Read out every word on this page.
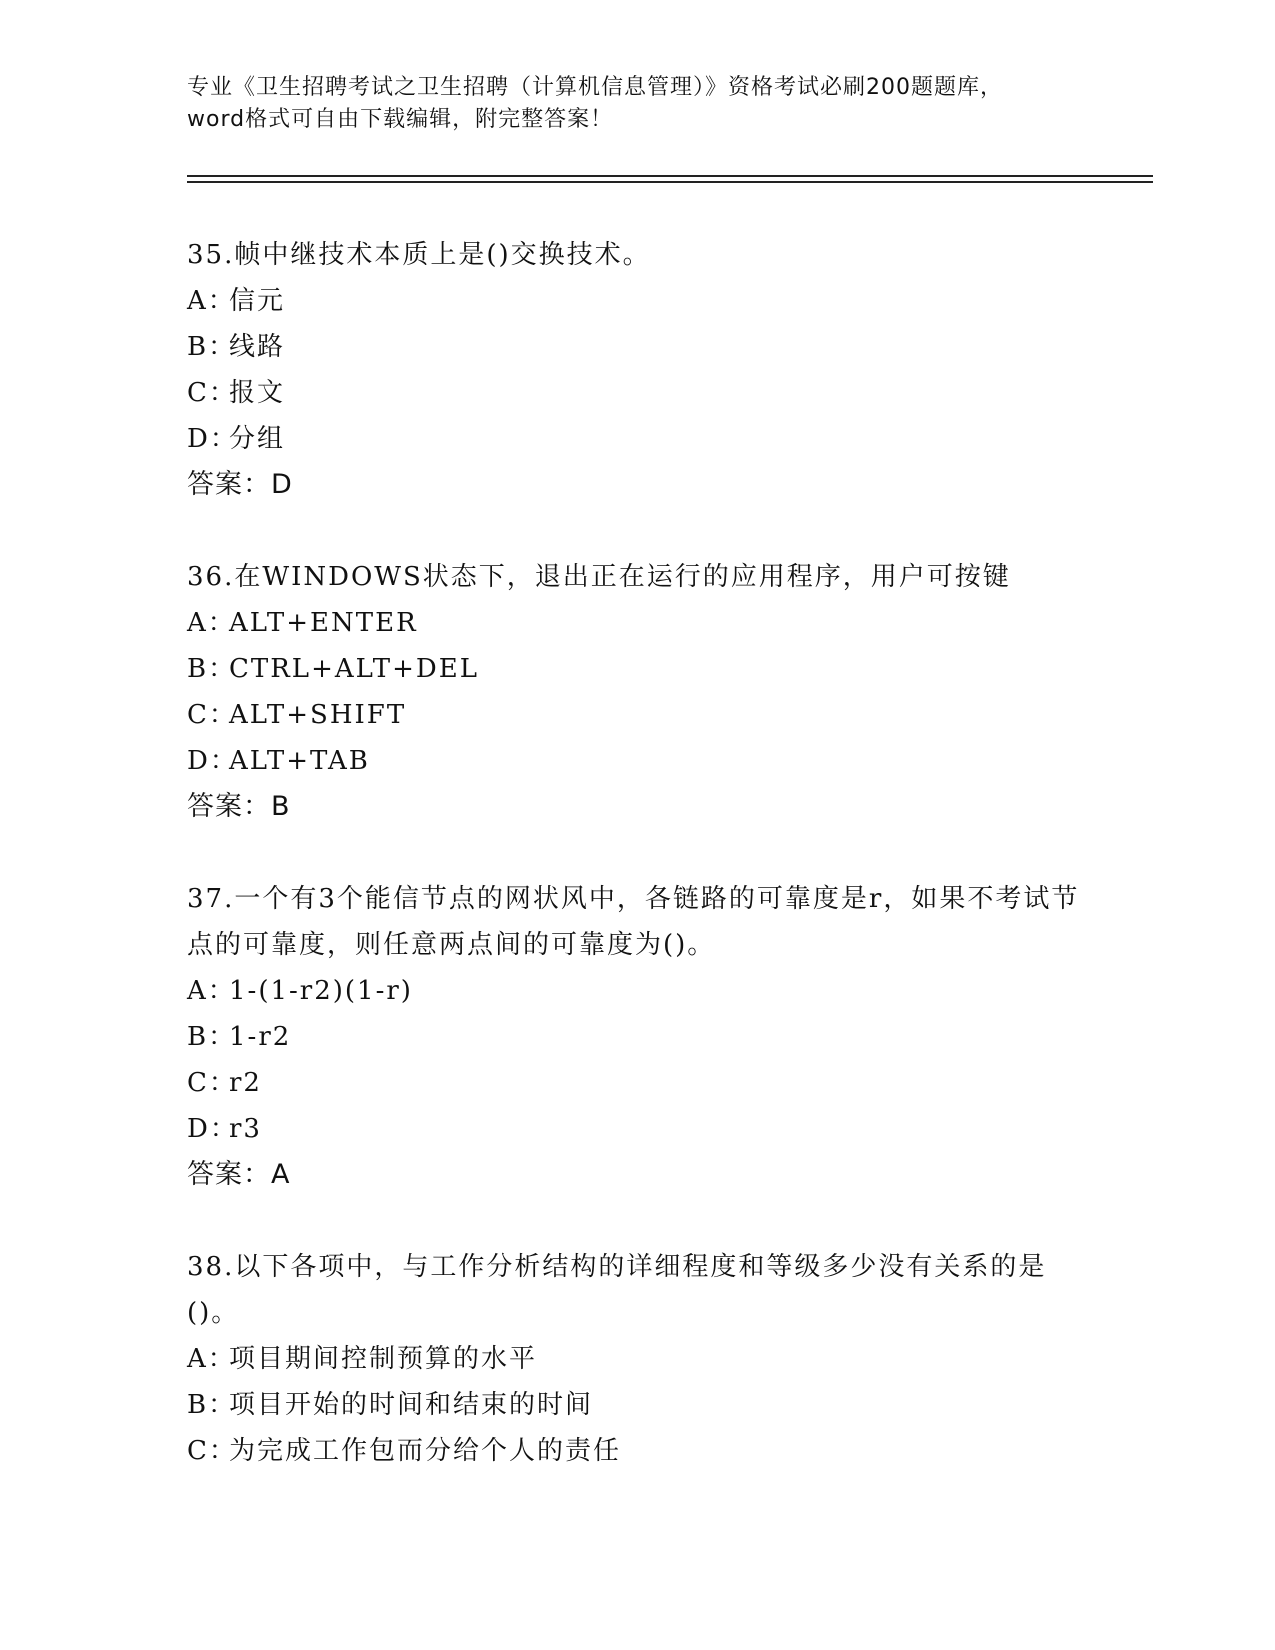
专业《卫生招聘考试之卫生招聘（计算机信息管理）》资格考试必刷200题题库，
word格式可自由下载编辑，附完整答案！

35.帧中继技术本质上是()交换技术。

A：信元

B：线路

C：报文

D：分组

答案：D

36.在WINDOWS状态下，退出正在运行的应用程序，用户可按键

A：ALT+ENTER

B：CTRL+ALT+DEL

C：ALT+SHIFT

D：ALT+TAB

答案：B

37.一个有3个能信节点的网状风中，各链路的可靠度是r，如果不考试节点的可靠度，则任意两点间的可靠度为()。

A：1-(1-r2)(1-r)

B：1-r2

C：r2

D：r3

答案：A

38.以下各项中，与工作分析结构的详细程度和等级多少没有关系的是()。

A：项目期间控制预算的水平

B：项目开始的时间和结束的时间

C：为完成工作包而分给个人的责任
